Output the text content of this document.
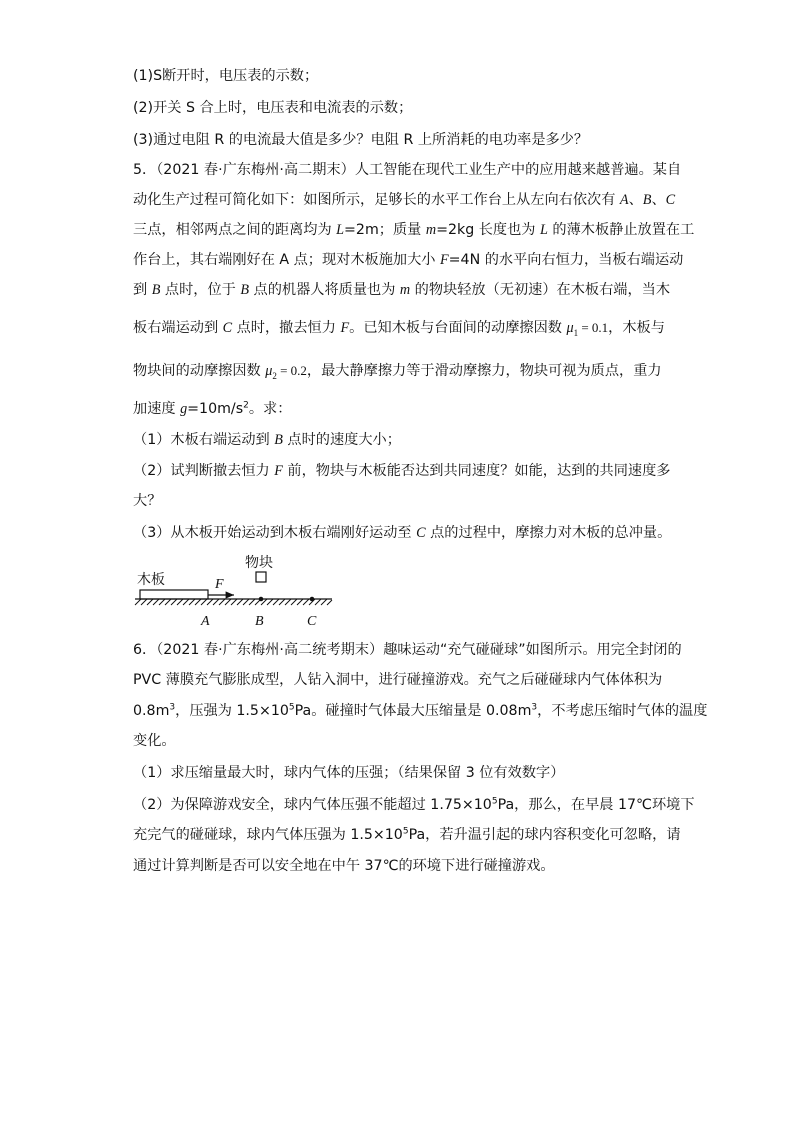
(1)S断开时，电压表的示数；
(2)开关 S 合上时，电压表和电流表的示数；
(3)通过电阻 R 的电流最大值是多少？电阻 R 上所消耗的电功率是多少？
5．（2021 春·广东梅州·高二期末）人工智能在现代工业生产中的应用越来越普遍。某自
动化生产过程可简化如下：如图所示，足够长的水平工作台上从左向右依次有 A、B、C
三点，相邻两点之间的距离均为 L=2m；质量 m=2kg 长度也为 L 的薄木板静止放置在工
作台上，其右端刚好在 A 点；现对木板施加大小 F=4N 的水平向右恒力，当板右端运动
到 B 点时，位于 B 点的机器人将质量也为 m 的物块轻放（无初速）在木板右端，当木
板右端运动到 C 点时，撤去恒力 F。已知木板与台面间的动摩擦因数 $\mu_1 = 0.1$，木板与
物块间的动摩擦因数 $\mu_2 = 0.2$，最大静摩擦力等于滑动摩擦力，物块可视为质点，重力
加速度 $g=10m/s^2$。求：
（1）木板右端运动到 B 点时的速度大小；
（2）试判断撤去恒力 F 前，物块与木板能否达到共同速度？如能，达到的共同速度多
大？
（3）从木板开始运动到木板右端刚好运动至 C 点的过程中，摩擦力对木板的总冲量。
物块
木板	F
A	B	C
6．（2021 春·广东梅州·高二统考期末）趣味运动“充气碰碰球”如图所示。用完全封闭的
PVC 薄膜充气膨胀成型，人钻入洞中，进行碰撞游戏。充气之后碰碰球内气体体积为
$0.8m^3$，压强为 $1.5\times 10^5Pa$。碰撞时气体最大压缩量是 $0.08m^3$，不考虑压缩时气体的温度
变化。
（1）求压缩量最大时，球内气体的压强；（结果保留 3 位有效数字）
（2）为保障游戏安全，球内气体压强不能超过 $1.75\times 10^5Pa$，那么，在早晨 17℃环境下
充完气的碰碰球，球内气体压强为 $1.5\times 10^5Pa$，若升温引起的球内容积变化可忽略，请
通过计算判断是否可以安全地在中午 37℃的环境下进行碰撞游戏。
